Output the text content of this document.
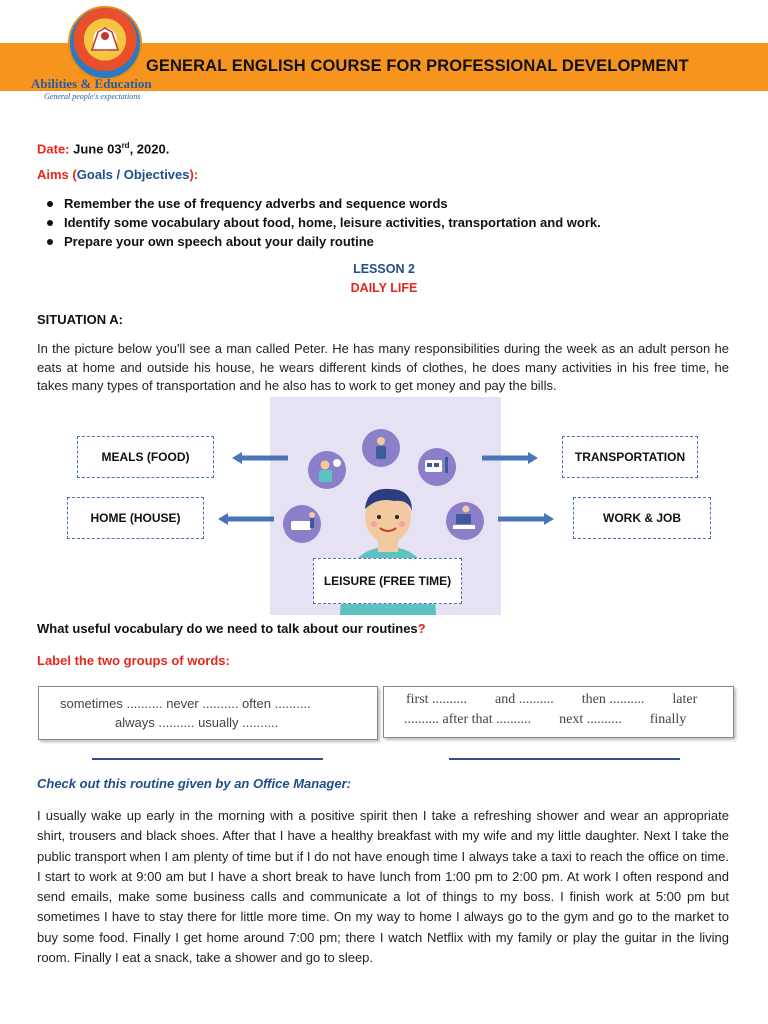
GENERAL ENGLISH COURSE FOR PROFESSIONAL DEVELOPMENT
Abilities & Education
General people's expectations
Date: June 03rd, 2020.
Aims (Goals / Objectives):
Remember the use of frequency adverbs and sequence words
Identify some vocabulary about food, home, leisure activities, transportation and work.
Prepare your own speech about your daily routine
LESSON 2
DAILY LIFE
SITUATION A:
In the picture below you'll see a man called Peter. He has many responsibilities during the week as an adult person he eats at home and outside his house, he wears different kinds of clothes, he does many activities in his free time, he takes many types of transportation and he also has to work to get money and pay the bills.
MEALS (FOOD)
HOME (HOUSE)
TRANSPORTATION
WORK & JOB
LEISURE (FREE TIME)
What useful vocabulary do we need to talk about our routines?
Label the two groups of words:
sometimes .......... never .......... often ..........
always .......... usually ..........
first ..........        and ..........        then ..........        later
.......... after that ..........        next ..........        finally
Check out this routine given by an Office Manager:
I usually wake up early in the morning with a positive spirit then I take a refreshing shower and wear an appropriate shirt, trousers and black shoes. After that I have a healthy breakfast with my wife and my little daughter. Next I take the public transport when I am plenty of time but if I do not have enough time I always take a taxi to reach the office on time. I start to work at 9:00 am but I have a short break to have lunch from 1:00 pm to 2:00 pm. At work I often respond and send emails, make some business calls and communicate a lot of things to my boss. I finish work at 5:00 pm but sometimes I have to stay there for little more time. On my way to home I always go to the gym and go to the market to buy some food. Finally I get home around 7:00 pm; there I watch Netflix with my family or play the guitar in the living room. Finally I eat a snack, take a shower and go to sleep.
